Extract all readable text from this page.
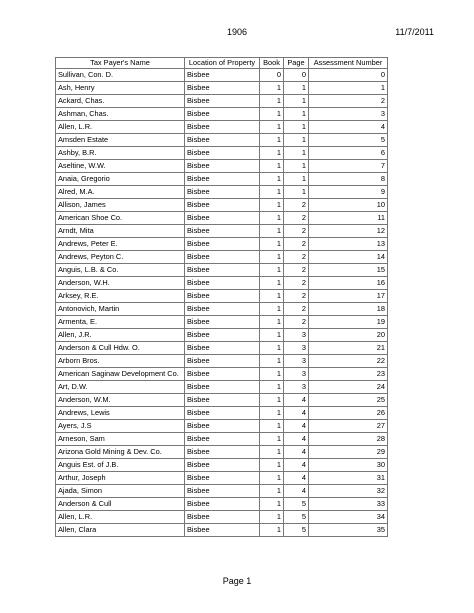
1906	11/7/2011
Tax Payer's Name	Location of Property	Book	Page	Assessment Number
Sullivan, Con. D.	Bisbee	0	0	0
Ash, Henry	Bisbee	1	1	1
Ackard, Chas.	Bisbee	1	1	2
Ashman, Chas.	Bisbee	1	1	3
Allen, L.R.	Bisbee	1	1	4
Amsden Estate	Bisbee	1	1	5
Ashby, B.R.	Bisbee	1	1	6
Aseltine, W.W.	Bisbee	1	1	7
Anaia, Gregorio	Bisbee	1	1	8
Alred, M.A.	Bisbee	1	1	9
Allison, James	Bisbee	1	2	10
American Shoe Co.	Bisbee	1	2	11
Arndt, Mita	Bisbee	1	2	12
Andrews, Peter E.	Bisbee	1	2	13
Andrews, Peyton C.	Bisbee	1	2	14
Anguis, L.B. & Co.	Bisbee	1	2	15
Anderson, W.H.	Bisbee	1	2	16
Arksey, R.E.	Bisbee	1	2	17
Antonovich, Martin	Bisbee	1	2	18
Armenta, E.	Bisbee	1	2	19
Allen, J.R.	Bisbee	1	3	20
Anderson & Cull Hdw. O.	Bisbee	1	3	21
Arborn Bros.	Bisbee	1	3	22
American Saginaw Development Co.	Bisbee	1	3	23
Art, D.W.	Bisbee	1	3	24
Anderson, W.M.	Bisbee	1	4	25
Andrews, Lewis	Bisbee	1	4	26
Ayers, J.S	Bisbee	1	4	27
Arneson, Sam	Bisbee	1	4	28
Arizona Gold Mining & Dev. Co.	Bisbee	1	4	29
Anguis Est. of J.B.	Bisbee	1	4	30
Arthur, Joseph	Bisbee	1	4	31
Ajada, Simon	Bisbee	1	4	32
Anderson & Cull	Bisbee	1	5	33
Allen, L.R.	Bisbee	1	5	34
Allen, Clara	Bisbee	1	5	35
Page 1
